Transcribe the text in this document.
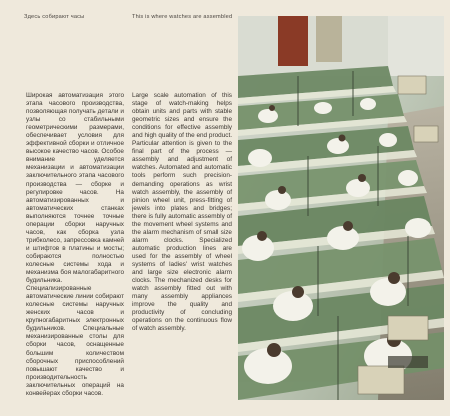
Здесь собирают часы	This is where watches are assembled
Широкая автоматизация этого этапа часового производства, позволяющая получать детали и узлы со стабильными геометрическими размерами, обеспечивает условия для эффективной сборки и отличное высокое качество часов. Особое внимание уделяется механизации и автоматизации заключительного этапа часового производства — сборке и регулировке часов. На автоматизированных и автоматических станках выполняются точнее точные операции сборки наручных часов, как сборка узла трибколесо, запрессовка камней и штифтов в платины и мосты; собираются полностью колесные системы хода и механизма боя малогабаритного будильника. Специализированные автоматические линии собирают колесные системы наручных женских часов и крупногабаритных электронных будильников. Специальные механизированные столы для сборки часов, оснащенные большим количеством сборочных приспособлений повышают качество и производительность заключительных операций на конвейерах сборки часов.
Large scale automation of this stage of watch-making helps obtain units and parts with stable geometric sizes and ensure the conditions for effective assembly and high quality of the end product. Particular attention is given to the final part of the process — assembly and adjustment of watches. Automated and automatic tools perform such precision-demanding operations as wrist watch assembly, the assembly of pinion wheel unit, press-fitting of jewels into plates and bridges; there is fully automatic assembly of the movement wheel systems and the alarm mechanism of small size alarm clocks. Specialized automatic production lines are used for the assembly of wheel systems of ladies' wrist watches and large size electronic alarm clocks. The mechanized desks for watch assembly fitted out with many assembly appliances improve the quality and productivity of concluding operations on the continuous flow of watch assembly.
